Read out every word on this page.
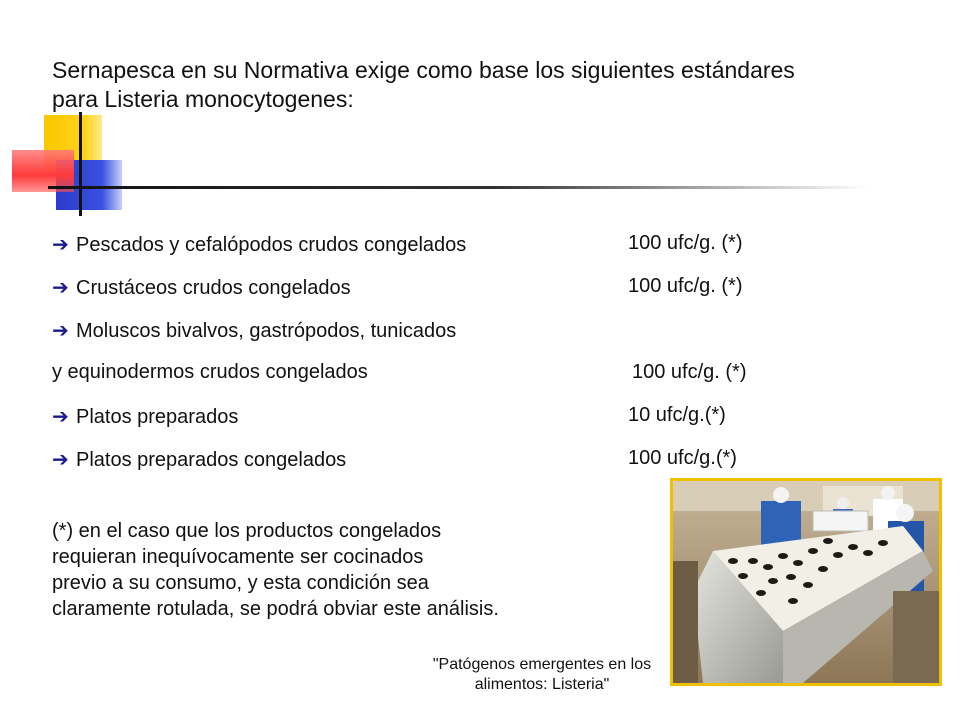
Sernapesca en su Normativa exige como base los siguientes estándares para Listeria monocytogenes:
➔ Pescados y cefalópodos crudos congelados	100 ufc/g. (*)
➔ Crustáceos crudos congelados	100 ufc/g. (*)
➔ Moluscos bivalvos, gastrópodos, tunicados
y equinodermos crudos congelados	100 ufc/g. (*)
➔ Platos preparados	10 ufc/g.(*)
➔ Platos preparados congelados	100 ufc/g.(*)
(*) en el caso que los productos congelados
requieran inequívocamente ser cocinados
previo a su consumo, y esta condición sea
claramente rotulada, se podrá obviar este análisis.
"Patógenos emergentes en los
alimentos: Listeria"
